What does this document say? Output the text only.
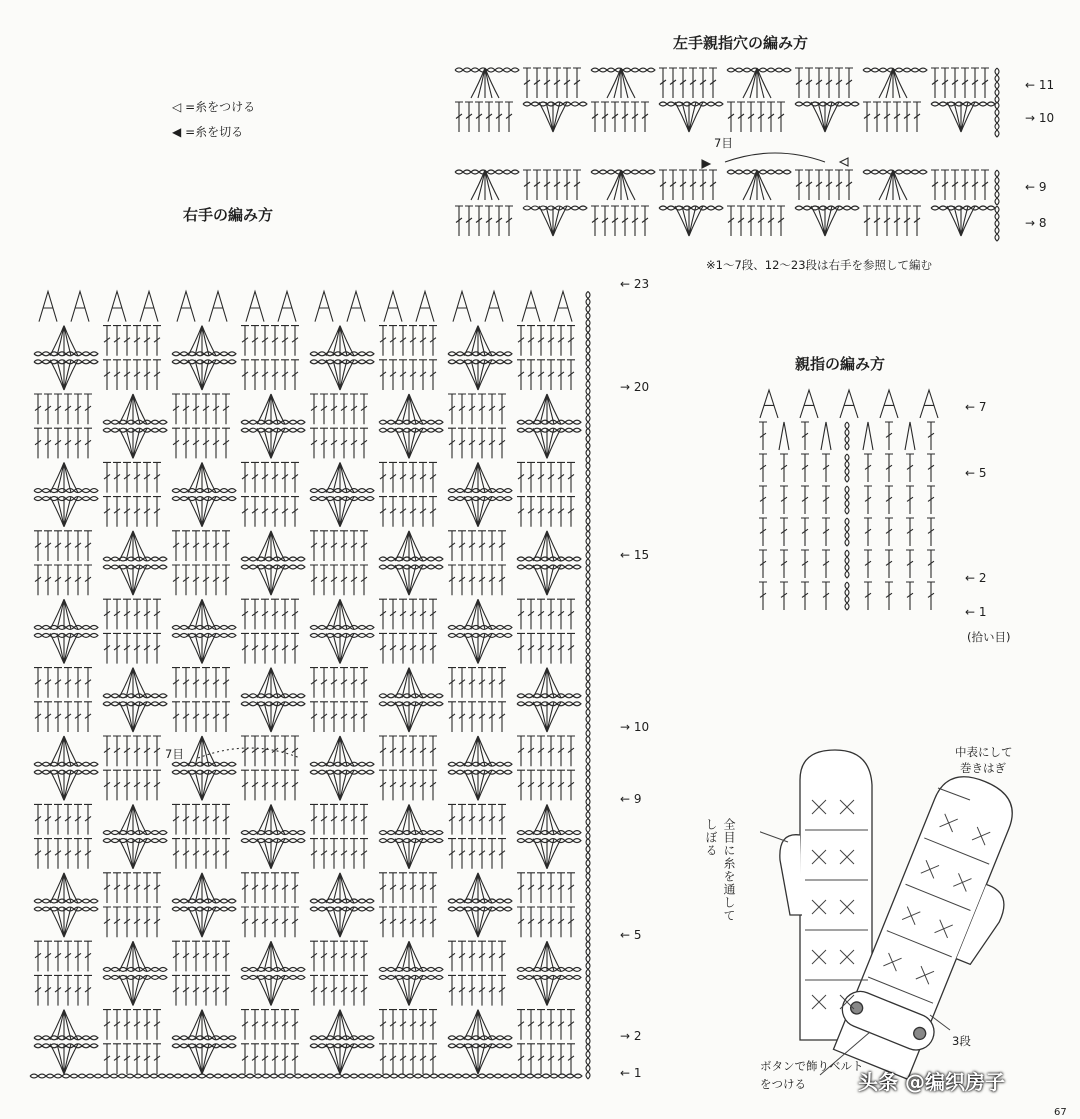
◁ =糸をつける
◀ =糸を切る
右手の編み方
左手親指穴の編み方
親指の編み方
← 23
→ 20
← 15
→ 10
← 9
← 5
→ 2
← 1
7目
← 11
→ 10
← 9
→ 8
7目
※1～7段、12～23段は右手を参照して編む
← 7
← 5
← 2
← 1
(拾い目)
中表にして
巻きはぎ
全目に糸を通して
しぼる
3段
ボタンで飾りベルト
をつける	头条 @编织房子
67
